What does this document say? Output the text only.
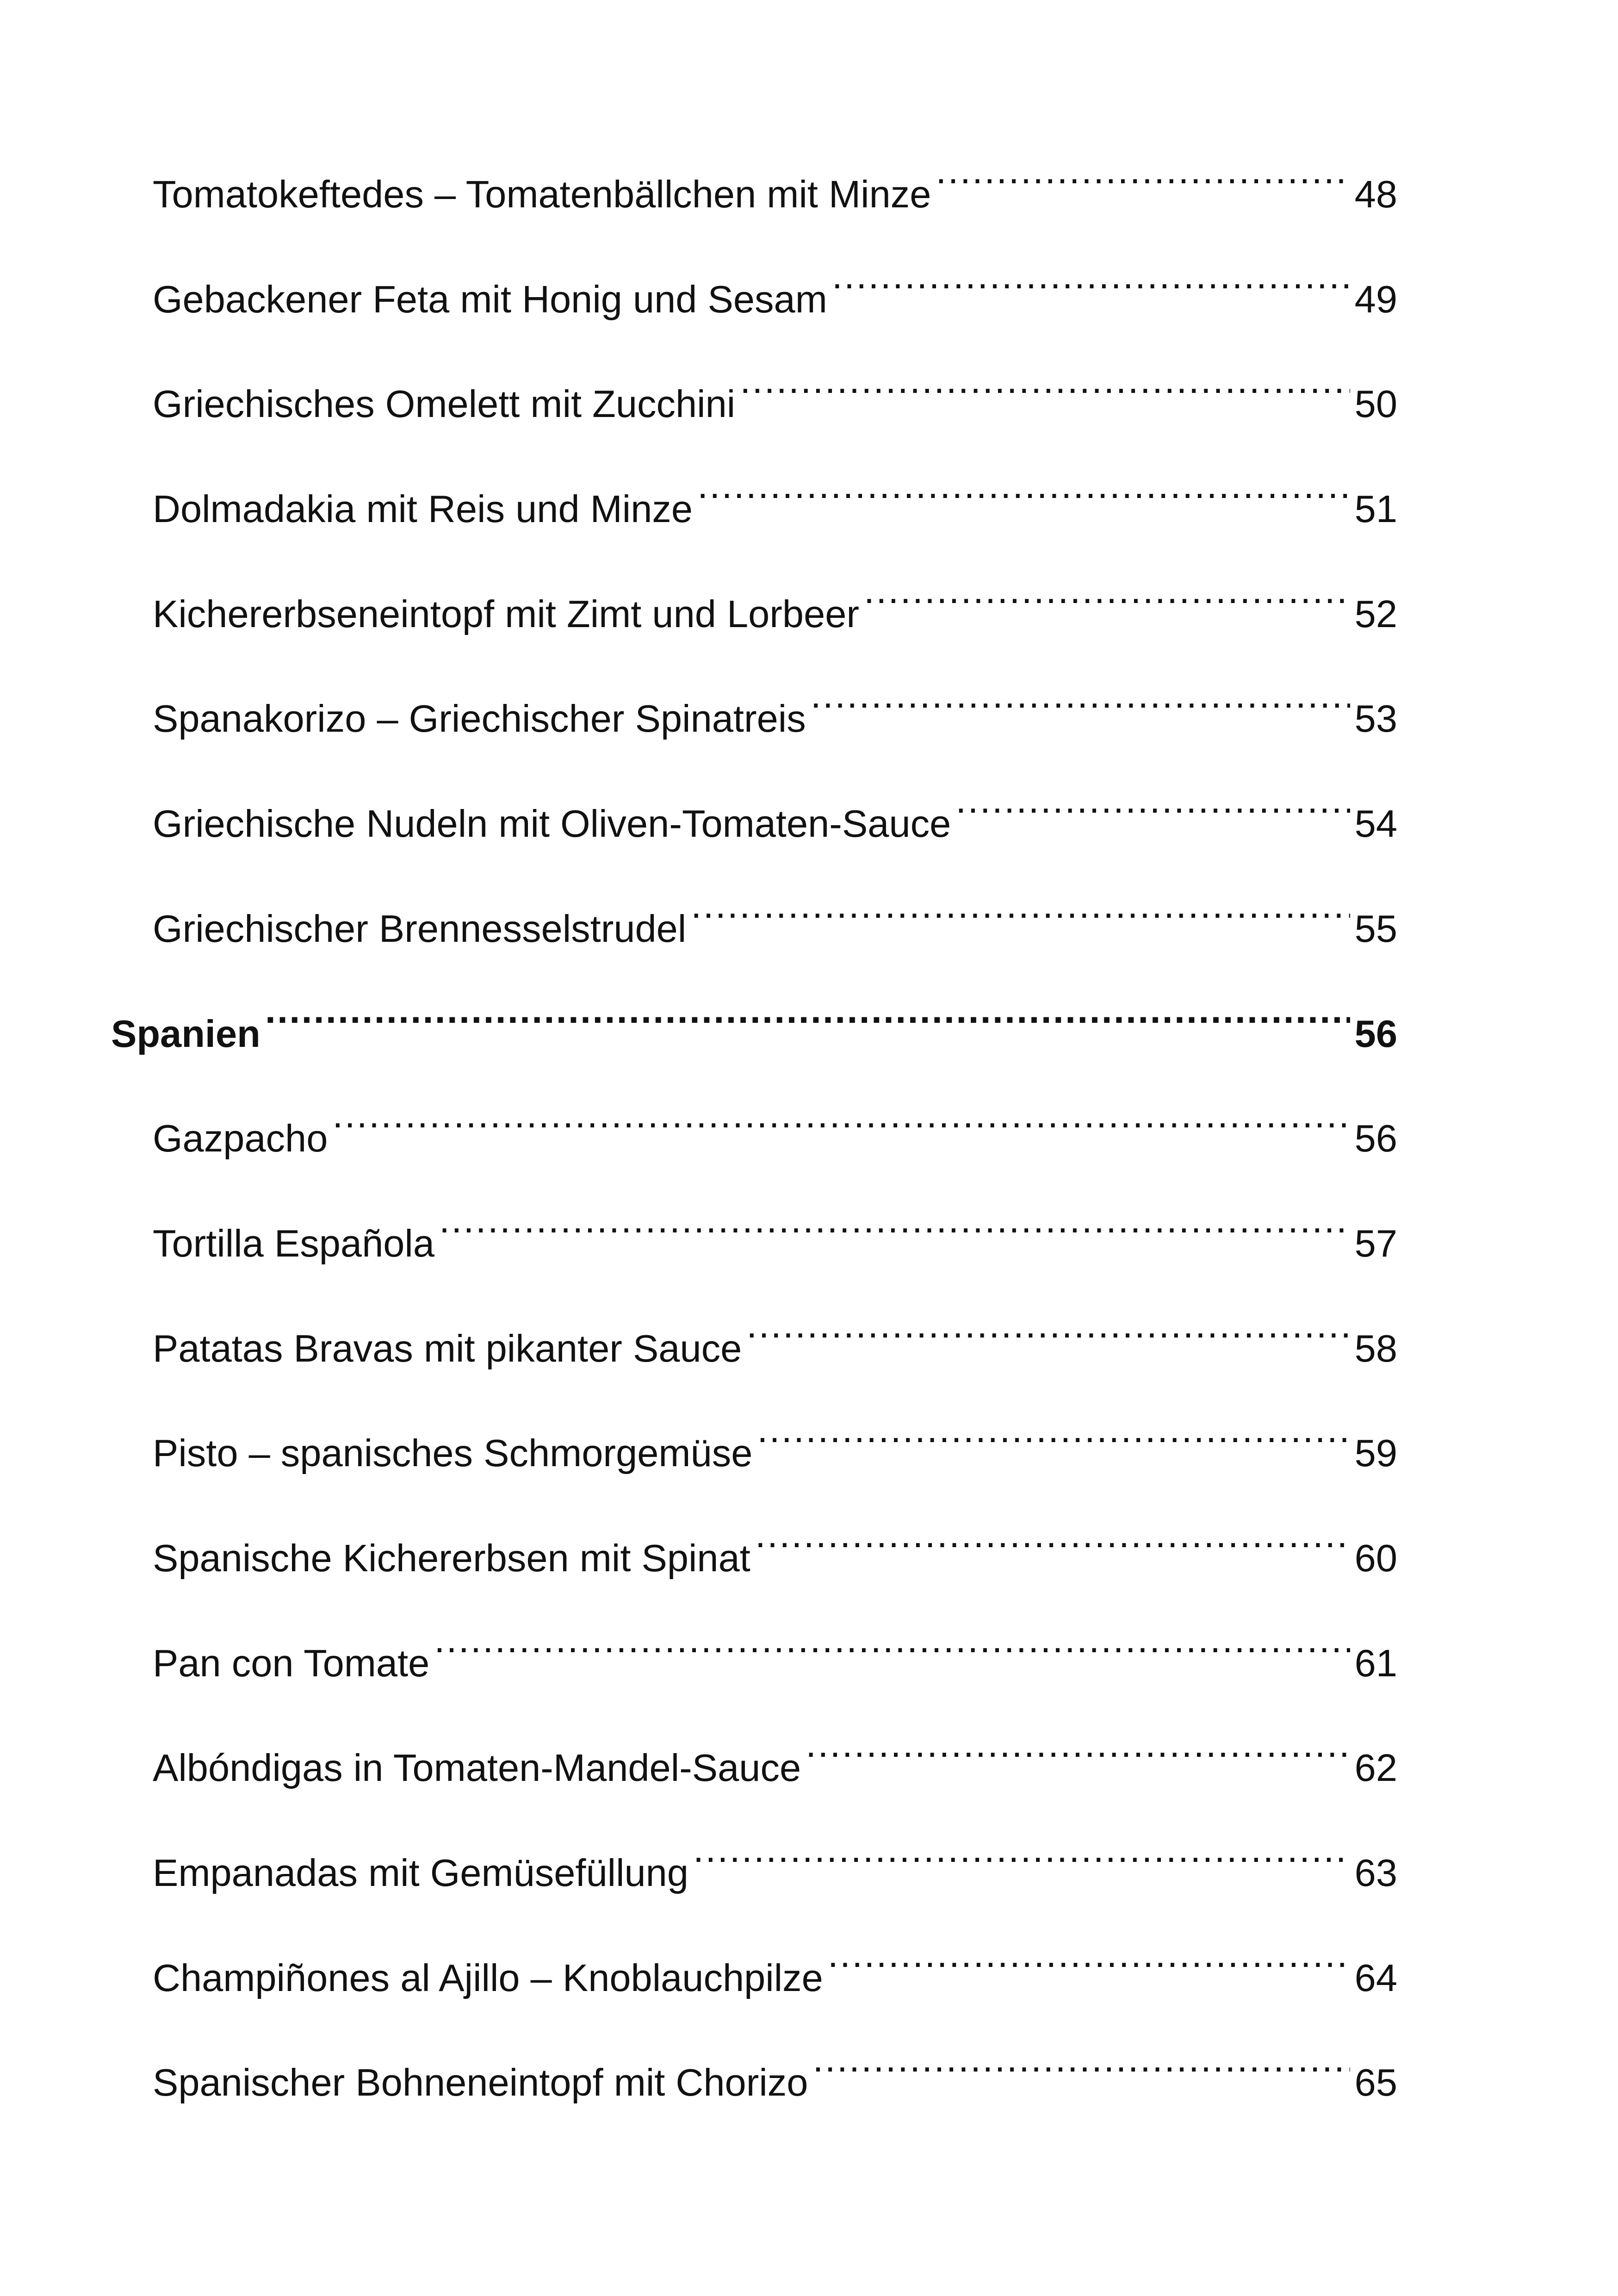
Tomatokeftedes – Tomatenbällchen mit Minze . . .	48
Gebackener Feta mit Honig und Sesam . . .	49
Griechisches Omelett mit Zucchini . . .	50
Dolmadakia mit Reis und Minze . . .	51
Kichererbseneintopf mit Zimt und Lorbeer . . .	52
Spanakorizo – Griechischer Spinatreis . . .	53
Griechische Nudeln mit Oliven-Tomaten-Sauce . . .	54
Griechischer Brennesselstrudel . . .	55
Spanien . . .	56
Gazpacho . . .	56
Tortilla Española . . .	57
Patatas Bravas mit pikanter Sauce . . .	58
Pisto – spanisches Schmorgemüse . . .	59
Spanische Kichererbsen mit Spinat . . .	60
Pan con Tomate . . .	61
Albóndigas in Tomaten-Mandel-Sauce . . .	62
Empanadas mit Gemüsefüllung . . .	63
Champiñones al Ajillo – Knoblauchpilze . . .	64
Spanischer Bohneneintopf mit Chorizo . . .	65
